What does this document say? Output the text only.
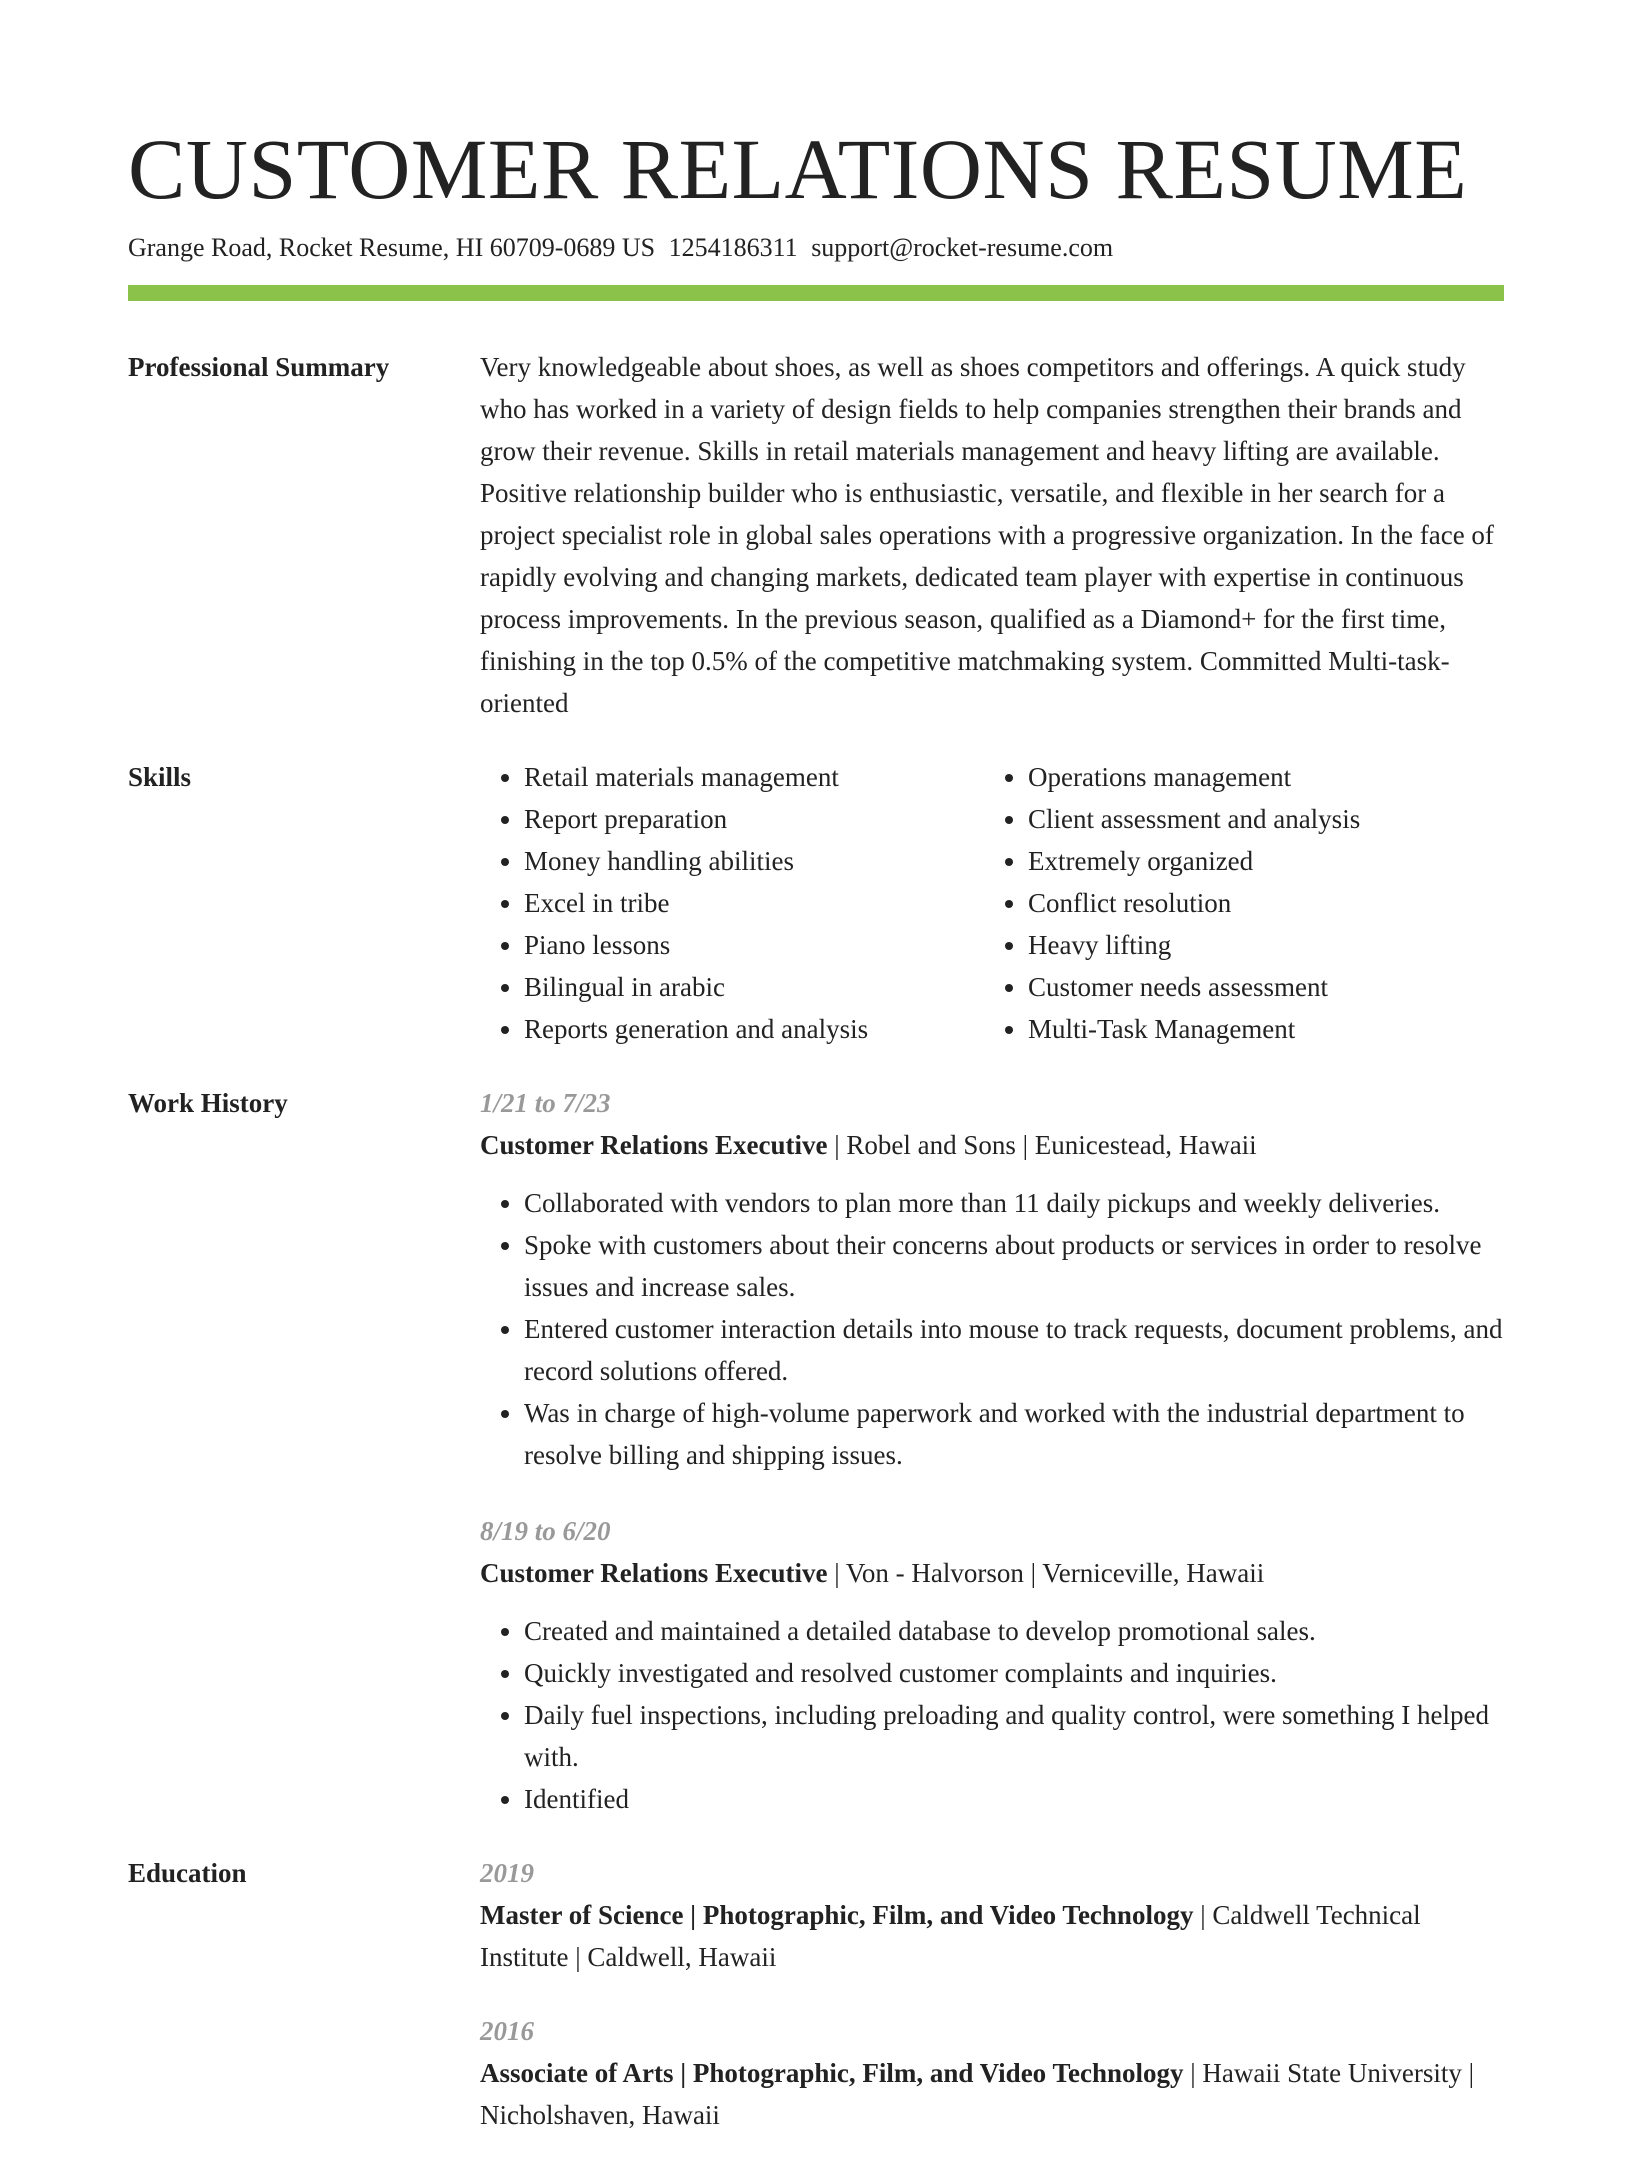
CUSTOMER RELATIONS RESUME
Grange Road, Rocket Resume, HI 60709-0689 US 1254186311 support@rocket-resume.com
Professional Summary	Very knowledgeable about shoes, as well as shoes competitors and offerings. A quick study who has worked in a variety of design fields to help companies strengthen their brands and grow their revenue. Skills in retail materials management and heavy lifting are available. Positive relationship builder who is enthusiastic, versatile, and flexible in her search for a project specialist role in global sales operations with a progressive organization. In the face of rapidly evolving and changing markets, dedicated team player with expertise in continuous process improvements. In the previous season, qualified as a Diamond+ for the first time, finishing in the top 0.5% of the competitive matchmaking system. Committed Multi-task-oriented

Skills
•	Retail materials management
• Report preparation
• Money handling abilities
• Excel in tribe
• Piano lessons
• Bilingual in arabic
• Reports generation and analysis
• Operations management
• Client assessment and analysis
• Extremely organized
• Conflict resolution
• Heavy lifting
• Customer needs assessment
• Multi-Task Management
Work History	1/21 to 7/23
Customer Relations Executive | Robel and Sons | Eunicestead, Hawaii
• Collaborated with vendors to plan more than 11 daily pickups and weekly deliveries.
• Spoke with customers about their concerns about products or services in order to resolve issues and increase sales.
• Entered customer interaction details into mouse to track requests, document problems, and record solutions offered.
• Was in charge of high-volume paperwork and worked with the industrial department to resolve billing and shipping issues.
8/19 to 6/20
Customer Relations Executive | Von - Halvorson | Verniceville, Hawaii
• Created and maintained a detailed database to develop promotional sales.
• Quickly investigated and resolved customer complaints and inquiries.
• Daily fuel inspections, including preloading and quality control, were something I helped with.
• Identified
Education	2019
Master of Science | Photographic, Film, and Video Technology | Caldwell Technical Institute | Caldwell, Hawaii
2016
Associate of Arts | Photographic, Film, and Video Technology | Hawaii State University | Nicholshaven, Hawaii
